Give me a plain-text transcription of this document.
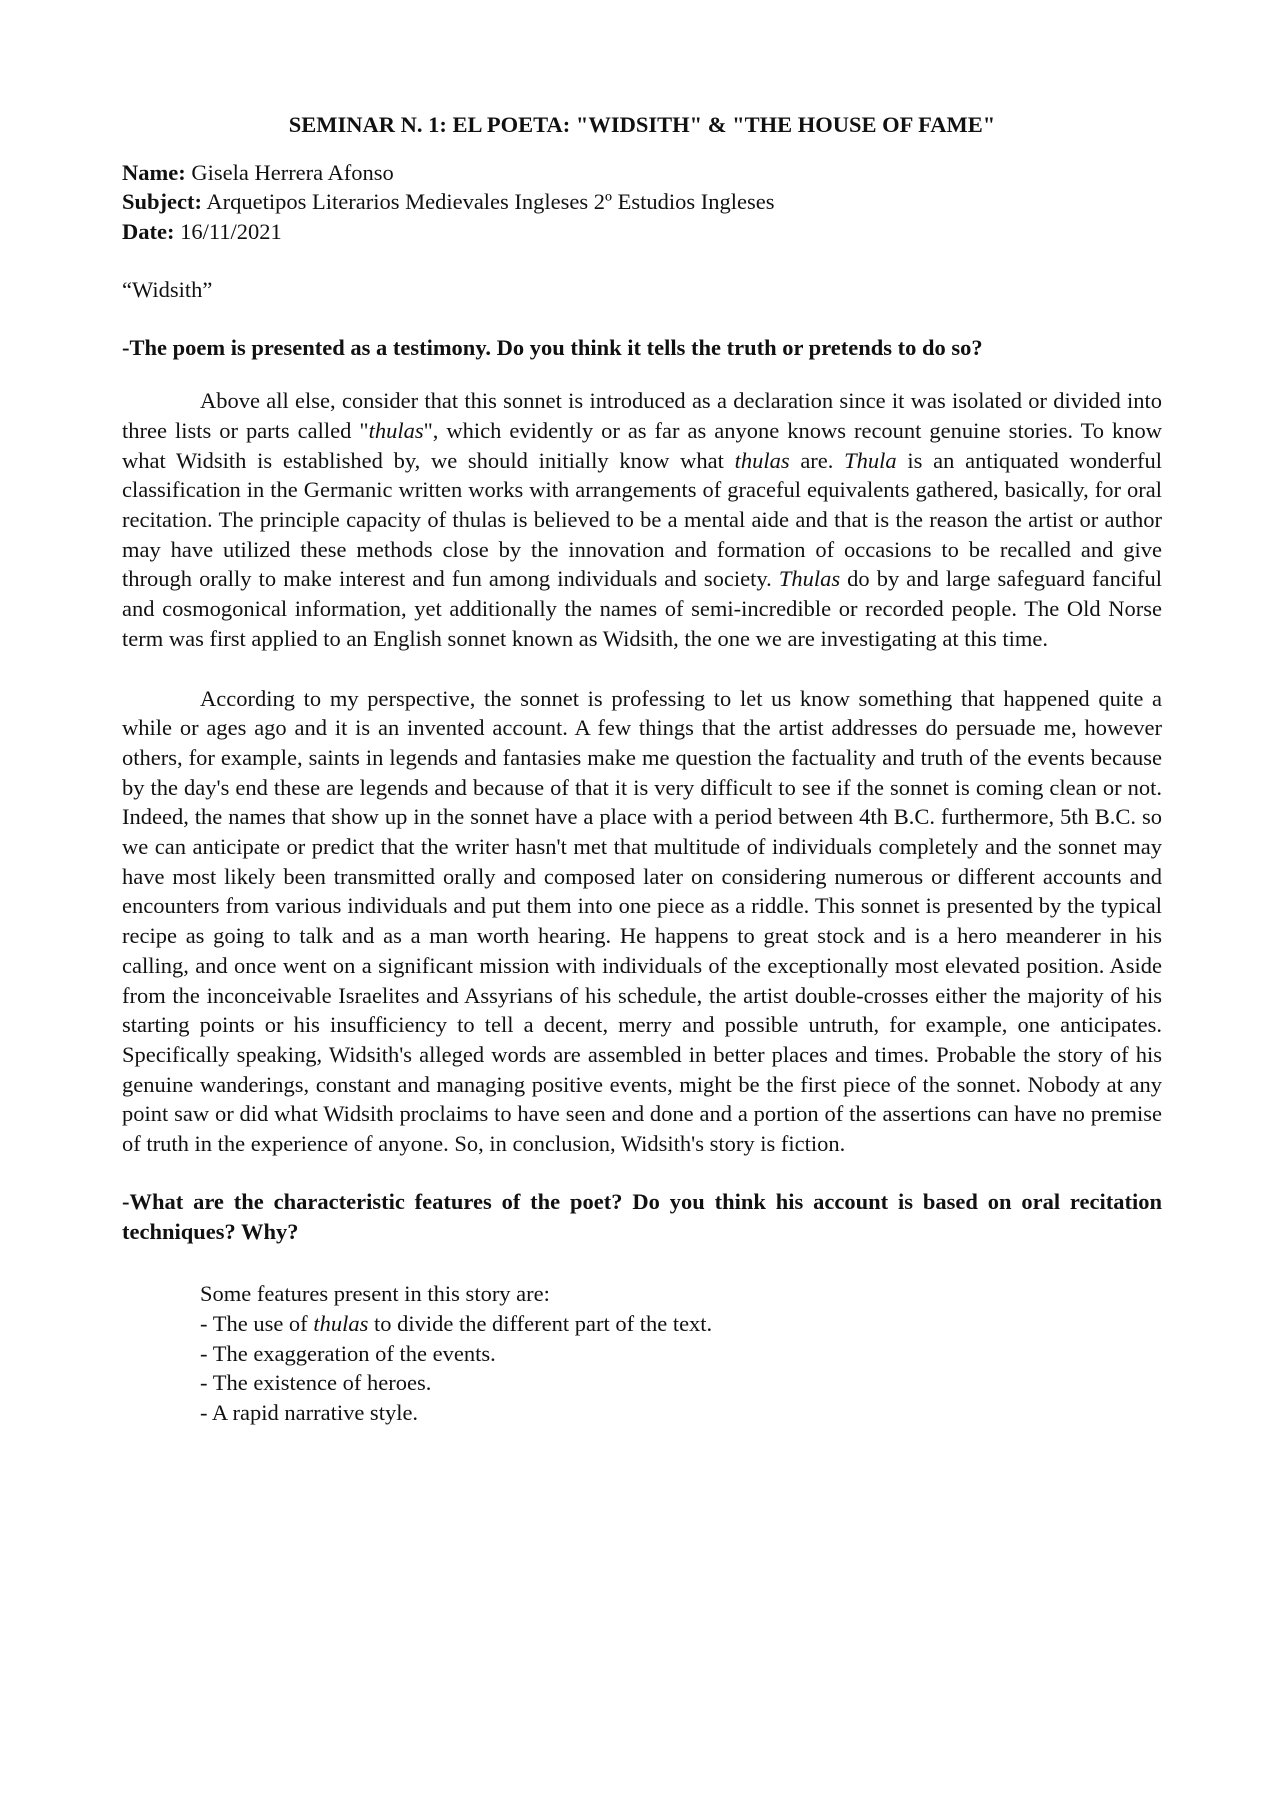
SEMINAR N. 1: EL POETA: "WIDSITH" & "THE HOUSE OF FAME"

Name: Gisela Herrera Afonso

Subject: Arquetipos Literarios Medievales Ingleses 2º Estudios Ingleses

Date: 16/11/2021

“Widsith”

-The poem is presented as a testimony. Do you think it tells the truth or pretends to do so?

Above all else, consider that this sonnet is introduced as a declaration since it was isolated or divided into three lists or parts called "thulas", which evidently or as far as anyone knows recount genuine stories. To know what Widsith is established by, we should initially know what thulas are. Thula is an antiquated wonderful classification in the Germanic written works with arrangements of graceful equivalents gathered, basically, for oral recitation. The principle capacity of thulas is believed to be a mental aide and that is the reason the artist or author may have utilized these methods close by the innovation and formation of occasions to be recalled and give through orally to make interest and fun among individuals and society. Thulas do by and large safeguard fanciful and cosmogonical information, yet additionally the names of semi-incredible or recorded people. The Old Norse term was first applied to an English sonnet known as Widsith, the one we are investigating at this time.

According to my perspective, the sonnet is professing to let us know something that happened quite a while or ages ago and it is an invented account. A few things that the artist addresses do persuade me, however others, for example, saints in legends and fantasies make me question the factuality and truth of the events because by the day's end these are legends and because of that it is very difficult to see if the sonnet is coming clean or not. Indeed, the names that show up in the sonnet have a place with a period between 4th B.C. furthermore, 5th B.C. so we can anticipate or predict that the writer hasn't met that multitude of individuals completely and the sonnet may have most likely been transmitted orally and composed later on considering numerous or different accounts and encounters from various individuals and put them into one piece as a riddle. This sonnet is presented by the typical recipe as going to talk and as a man worth hearing. He happens to great stock and is a hero meanderer in his calling, and once went on a significant mission with individuals of the exceptionally most elevated position. Aside from the inconceivable Israelites and Assyrians of his schedule, the artist double-crosses either the majority of his starting points or his insufficiency to tell a decent, merry and possible untruth, for example, one anticipates. Specifically speaking, Widsith's alleged words are assembled in better places and times. Probable the story of his genuine wanderings, constant and managing positive events, might be the first piece of the sonnet. Nobody at any point saw or did what Widsith proclaims to have seen and done and a portion of the assertions can have no premise of truth in the experience of anyone. So, in conclusion, Widsith's story is fiction.

-What are the characteristic features of the poet? Do you think his account is based on oral recitation techniques? Why?

Some features present in this story are:

- The use of thulas to divide the different part of the text.

- The exaggeration of the events.

- The existence of heroes.

- A rapid narrative style.
